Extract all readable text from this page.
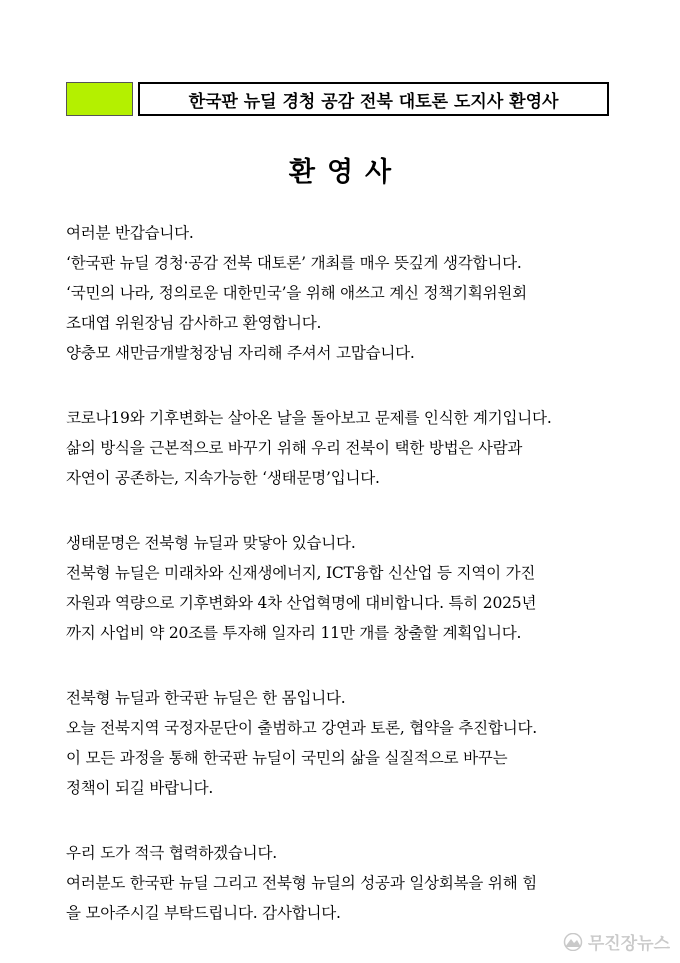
한국판 뉴딜 경청 공감 전북 대토론 도지사 환영사
환영사
여러분 반갑습니다.
‘한국판 뉴딜 경청·공감 전북 대토론’ 개최를 매우 뜻깊게 생각합니다.
‘국민의 나라, 정의로운 대한민국’을 위해 애쓰고 계신 정책기획위원회
조대엽 위원장님 감사하고 환영합니다.
양충모 새만금개발청장님 자리해 주셔서 고맙습니다.
코로나19와 기후변화는 살아온 날을 돌아보고 문제를 인식한 계기입니다.
삶의 방식을 근본적으로 바꾸기 위해 우리 전북이 택한 방법은 사람과
자연이 공존하는, 지속가능한 ‘생태문명’입니다.
생태문명은 전북형 뉴딜과 맞닿아 있습니다.
전북형 뉴딜은 미래차와 신재생에너지, ICT융합 신산업 등 지역이 가진
자원과 역량으로 기후변화와 4차 산업혁명에 대비합니다. 특히 2025년
까지 사업비 약 20조를 투자해 일자리 11만 개를 창출할 계획입니다.
전북형 뉴딜과 한국판 뉴딜은 한 몸입니다.
오늘 전북지역 국정자문단이 출범하고 강연과 토론, 협약을 추진합니다.
이 모든 과정을 통해 한국판 뉴딜이 국민의 삶을 실질적으로 바꾸는
정책이 되길 바랍니다.
우리 도가 적극 협력하겠습니다.
여러분도 한국판 뉴딜 그리고 전북형 뉴딜의 성공과 일상회복을 위해 힘
을 모아주시길 부탁드립니다. 감사합니다.
무진장뉴스
